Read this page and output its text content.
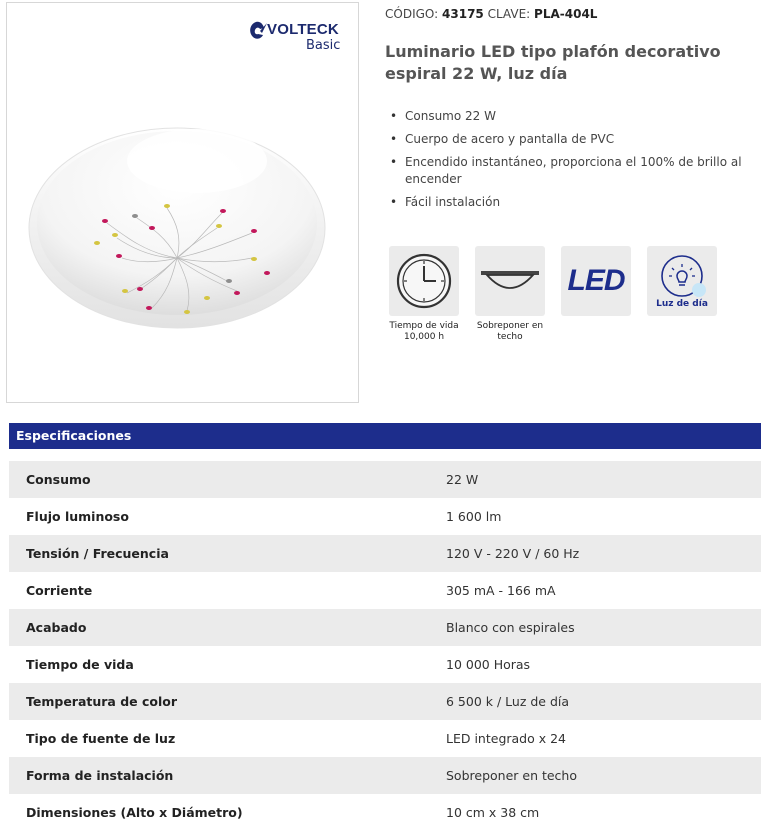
VOLTECK
Basic
CÓDIGO: 43175 CLAVE: PLA-404L
Luminario LED tipo plafón decorativo espiral 22 W, luz día
• Consumo 22 W
• Cuerpo de acero y pantalla de PVC
• Encendido instantáneo, proporciona el 100% de brillo al encender
• Fácil instalación
Tiempo de vida
10,000 h
Sobreponer en
techo
LED
Luz de día
Especificaciones
Consumo	22 W
Flujo luminoso	1 600 lm
Tensión / Frecuencia	120 V - 220 V / 60 Hz
Corriente	305 mA - 166 mA
Acabado	Blanco con espirales
Tiempo de vida	10 000 Horas
Temperatura de color	6 500 k / Luz de día
Tipo de fuente de luz	LED integrado x 24
Forma de instalación	Sobreponer en techo
Dimensiones (Alto x Diámetro)	10 cm x 38 cm
